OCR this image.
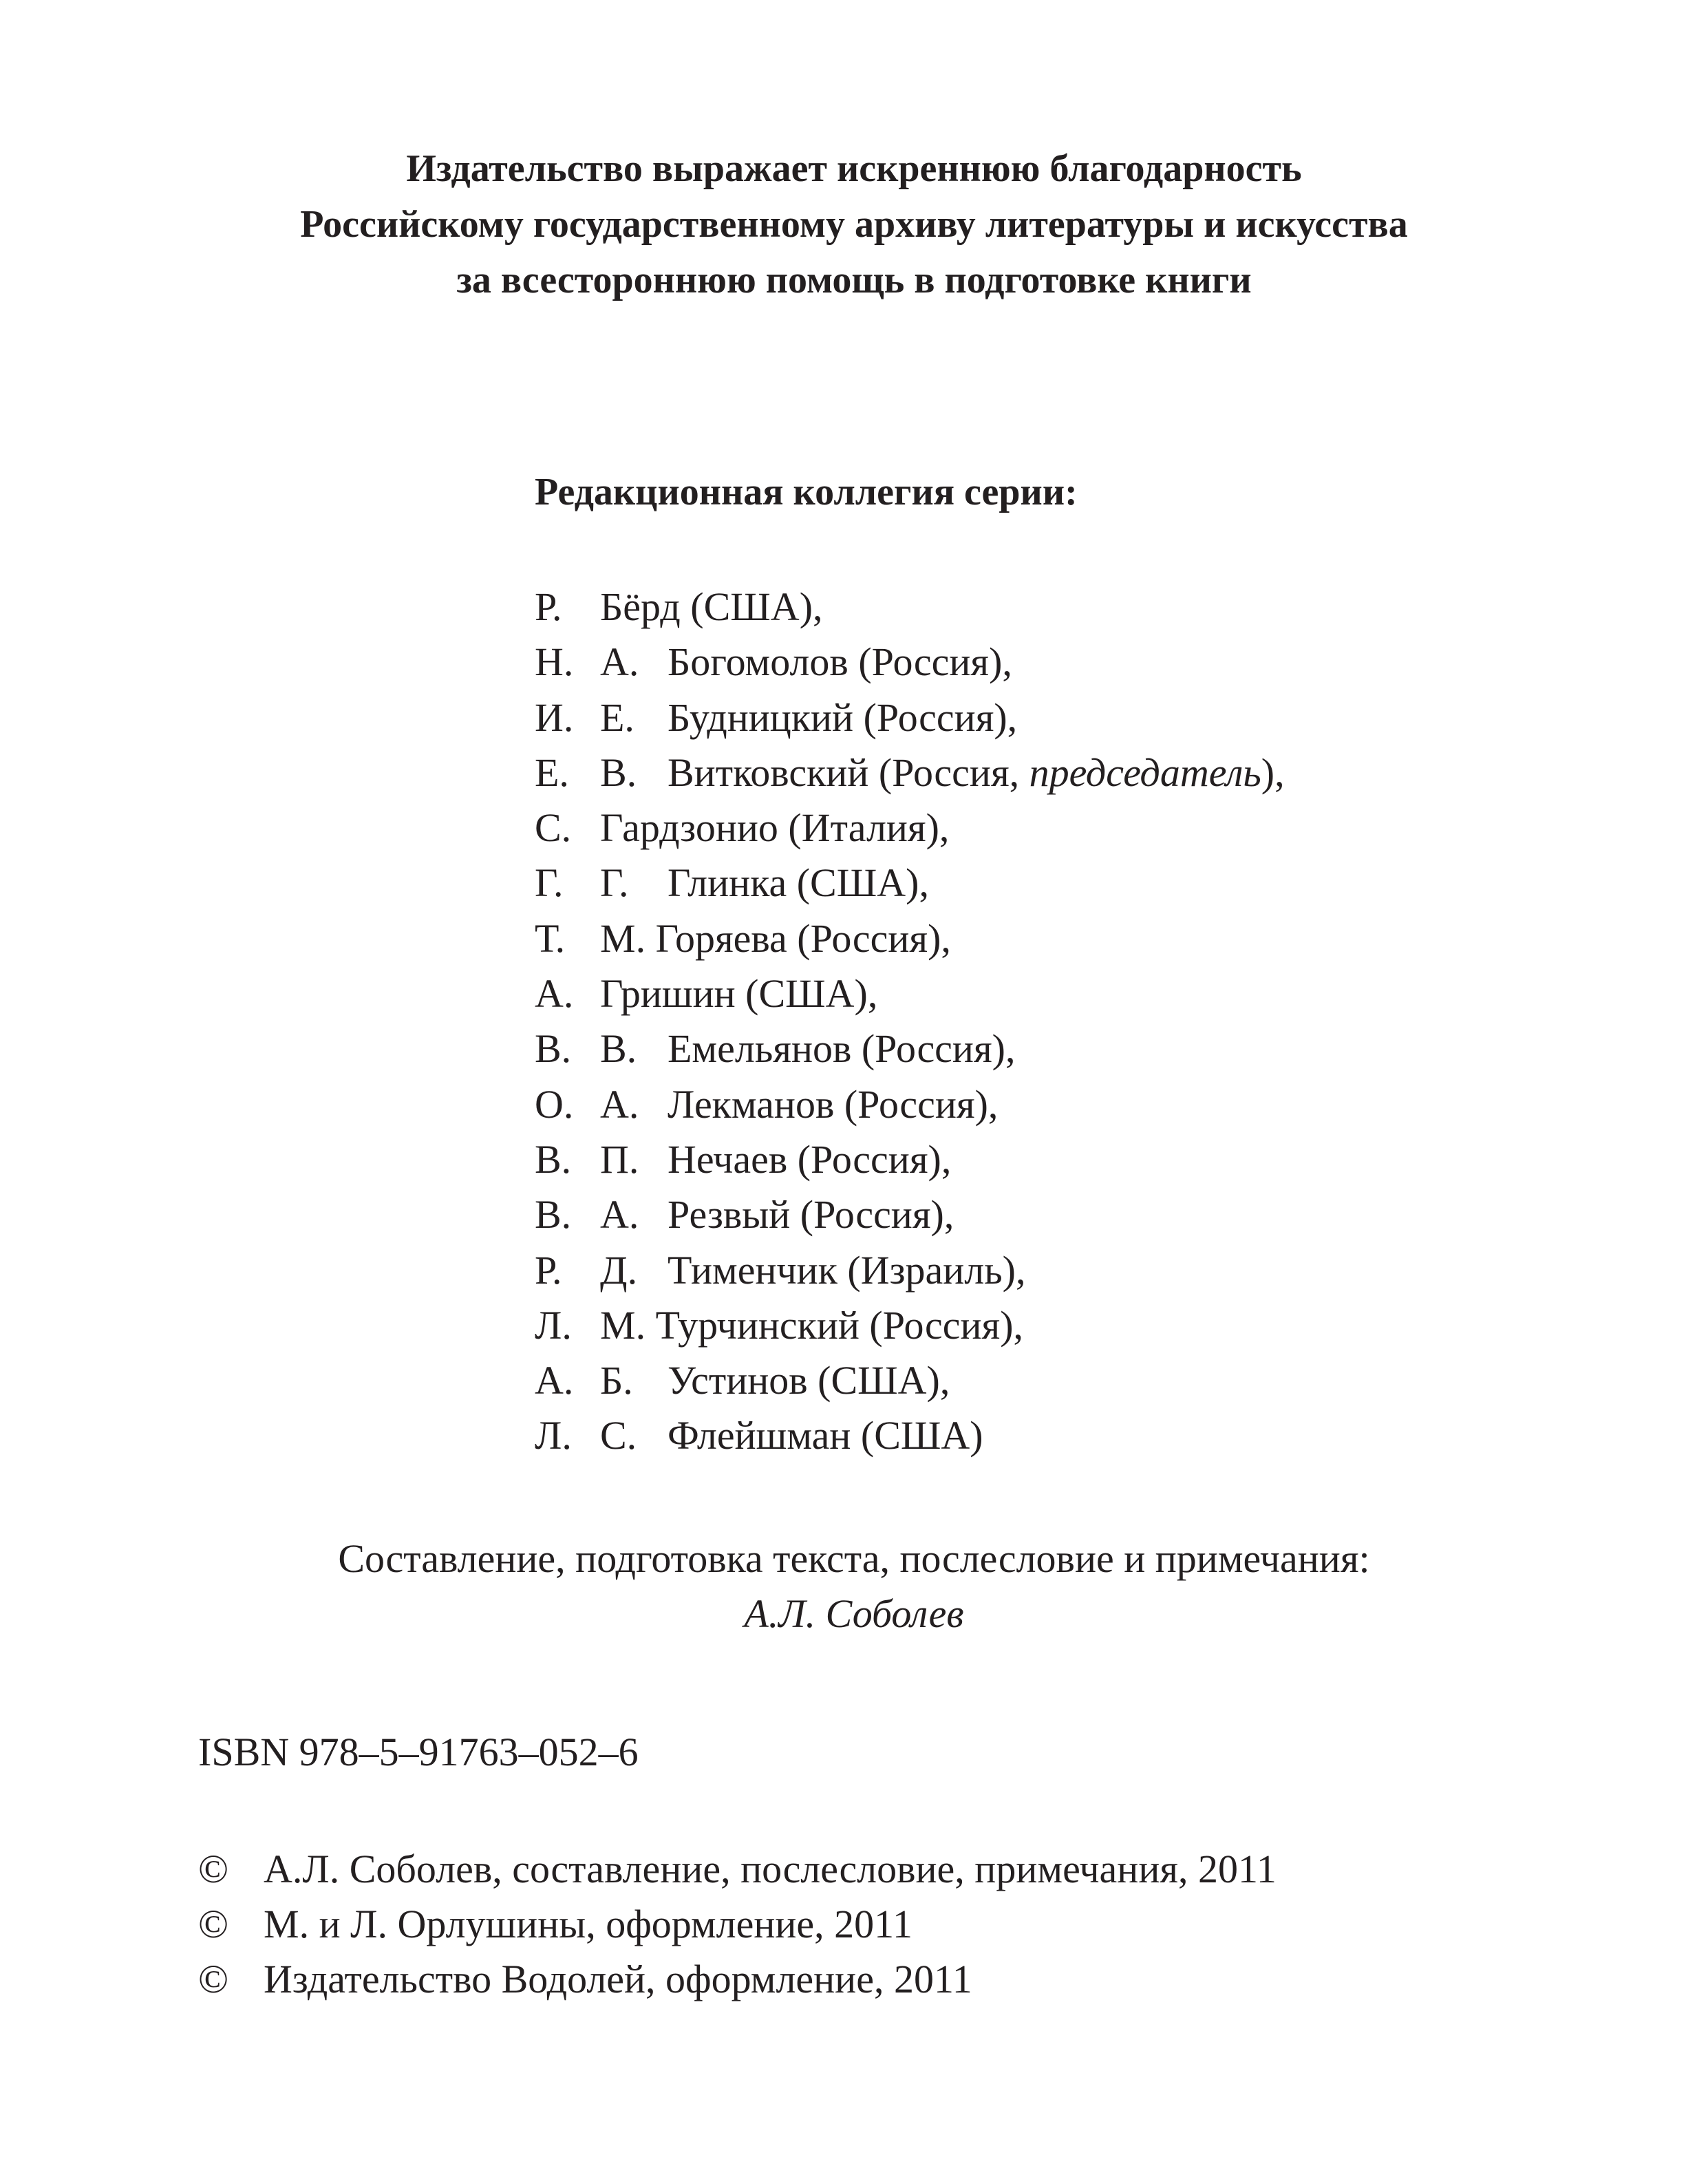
Издательство выражает искреннюю благодарность
Российскому государственному архиву литературы и искусства
за всестороннюю помощь в подготовке книги
Редакционная коллегия серии:
Р. Бёрд (США),
Н. А. Богомолов (Россия),
И. Е. Будницкий (Россия),
Е. В. Витковский (Россия, председатель),
С. Гардзонио (Италия),
Г. Г. Глинка (США),
Т. М. Горяева (Россия),
А. Гришин (США),
В. В. Емельянов (Россия),
О. А. Лекманов (Россия),
В. П. Нечаев (Россия),
В. А. Резвый (Россия),
Р. Д. Тименчик (Израиль),
Л. М. Турчинский (Россия),
А. Б. Устинов (США),
Л. С. Флейшман (США)
Составление, подготовка текста, послесловие и примечания:
А.Л. Соболев
ISBN 978–5–91763–052–6
© А.Л. Соболев, составление, послесловие, примечания, 2011
© М. и Л. Орлушины, оформление, 2011
© Издательство Водолей, оформление, 2011
